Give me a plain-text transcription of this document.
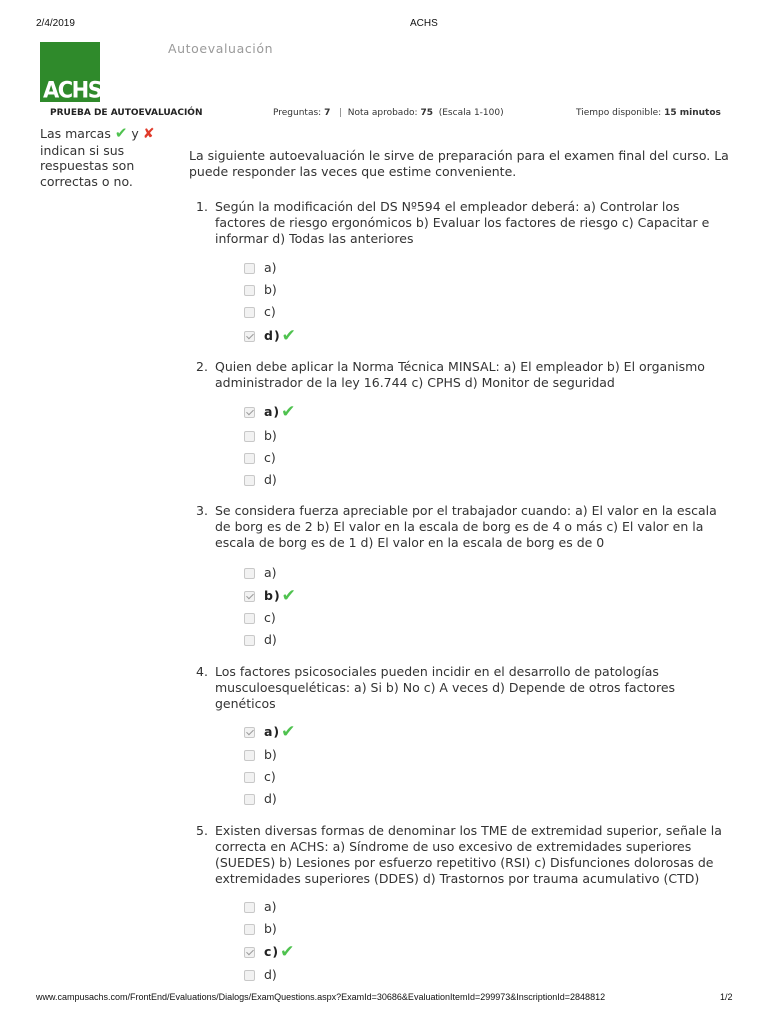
2/4/2019	ACHS
ACHS
Autoevaluación
PRUEBA DE AUTOEVALUACIÓN	Preguntas: 7 | Nota aprobado: 75 (Escala 1-100)	Tiempo disponible: 15 minutos
Las marcas ✔ y ✘ indican si sus respuestas son correctas o no.
La siguiente autoevaluación le sirve de preparación para el examen final del curso. La puede responder las veces que estime conveniente.
1. Según la modificación del DS Nº594 el empleador deberá: a) Controlar los factores de riesgo ergonómicos b) Evaluar los factores de riesgo c) Capacitar e informar d) Todas las anteriores
a)
b)
c)
d) ✔
2. Quien debe aplicar la Norma Técnica MINSAL: a) El empleador b) El organismo administrador de la ley 16.744 c) CPHS d) Monitor de seguridad
a) ✔
b)
c)
d)
3. Se considera fuerza apreciable por el trabajador cuando: a) El valor en la escala de borg es de 2 b) El valor en la escala de borg es de 4 o más c) El valor en la escala de borg es de 1 d) El valor en la escala de borg es de 0
a)
b) ✔
c)
d)
4. Los factores psicosociales pueden incidir en el desarrollo de patologías musculoesqueléticas: a) Si b) No c) A veces d) Depende de otros factores genéticos
a) ✔
b)
c)
d)
5. Existen diversas formas de denominar los TME de extremidad superior, señale la correcta en ACHS: a) Síndrome de uso excesivo de extremidades superiores (SUEDES) b) Lesiones por esfuerzo repetitivo (RSI) c) Disfunciones dolorosas de extremidades superiores (DDES) d) Trastornos por trauma acumulativo (CTD)
a)
b)
c) ✔
d)
www.campusachs.com/FrontEnd/Evaluations/Dialogs/ExamQuestions.aspx?ExamId=30686&EvaluationItemId=299973&InscriptionId=2848812	1/2
